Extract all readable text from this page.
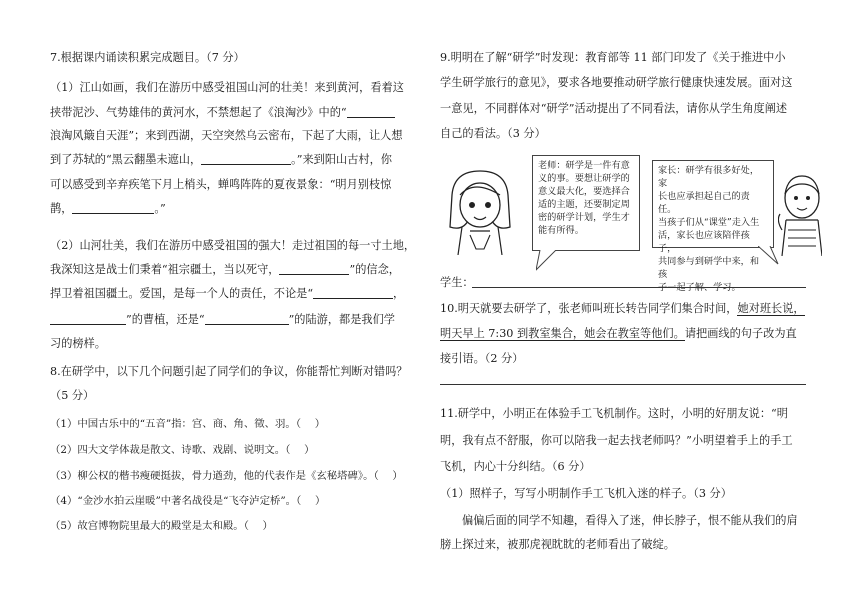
7.根据课内诵读积累完成题目。（7 分）
（1）江山如画，我们在游历中感受祖国山河的壮美！来到黄河，看着这
挟带泥沙、气势雄伟的黄河水，不禁想起了《浪淘沙》中的“
浪淘风簸自天涯”；来到西湖，天空突然乌云密布，下起了大雨，让人想
到了苏轼的“黑云翻墨未遮山，	。”来到阳山古村，你
可以感受到辛弃疾笔下月上梢头，蝉鸣阵阵的夏夜景象：“明月别枝惊
鹊，	。”
（2）山河壮美，我们在游历中感受祖国的强大！走过祖国的每一寸土地，
我深知这是战士们秉着“祖宗疆土，当以死守，	”的信念，
捍卫着祖国疆土。爱国，是每一个人的责任，不论是“	，
”的曹植，还是“	”的陆游，都是我们学
习的榜样。
8.在研学中，以下几个问题引起了同学们的争议，你能帮忙判断对错吗？
（5 分）
（1）中国古乐中的“五音”指：宫、商、角、徵、羽。（　 ）
（2）四大文学体裁是散文、诗歌、戏剧、说明文。（　 ）
（3）柳公权的楷书瘦硬挺拔，骨力遒劲，他的代表作是《玄秘塔碑》。（　 ）
（4）“金沙水拍云崖暖”中著名战役是“飞夺泸定桥”。（　 ）
（5）故宫博物院里最大的殿堂是太和殿。（　 ）
9.明明在了解“研学”时发现：教育部等 11 部门印发了《关于推进中小
学生研学旅行的意见》，要求各地要推动研学旅行健康快速发展。面对这
一意见，不同群体对“研学”活动提出了不同看法，请你从学生角度阐述
自己的看法。（3 分）
老师：研学是一件有意
义的事。要想让研学的
意义最大化，要选择合
适的主题，还要制定周
密的研学计划，学生才
能有所得。
家长：研学有很多好处，家
长也应承担起自己的责任。
当孩子们从“课堂”走入生
活，家长也应该陪伴孩子，
共同参与到研学中来，和孩
子一起了解、学习。
学生：
10.明天就要去研学了，张老师叫班长转告同学们集合时间，她对班长说，
明天早上 7:30 到教室集合，她会在教室等他们。请把画线的句子改为直
接引语。（2 分）
11.研学中，小明正在体验手工飞机制作。这时，小明的好朋友说：“明
明，我有点不舒服，你可以陪我一起去找老师吗？”小明望着手上的手工
飞机，内心十分纠结。（6 分）
（1）照样子，写写小明制作手工飞机入迷的样子。（3 分）
偏偏后面的同学不知趣，看得入了迷，伸长脖子，恨不能从我们的肩
膀上探过来，被那虎视眈眈的老师看出了破绽。
